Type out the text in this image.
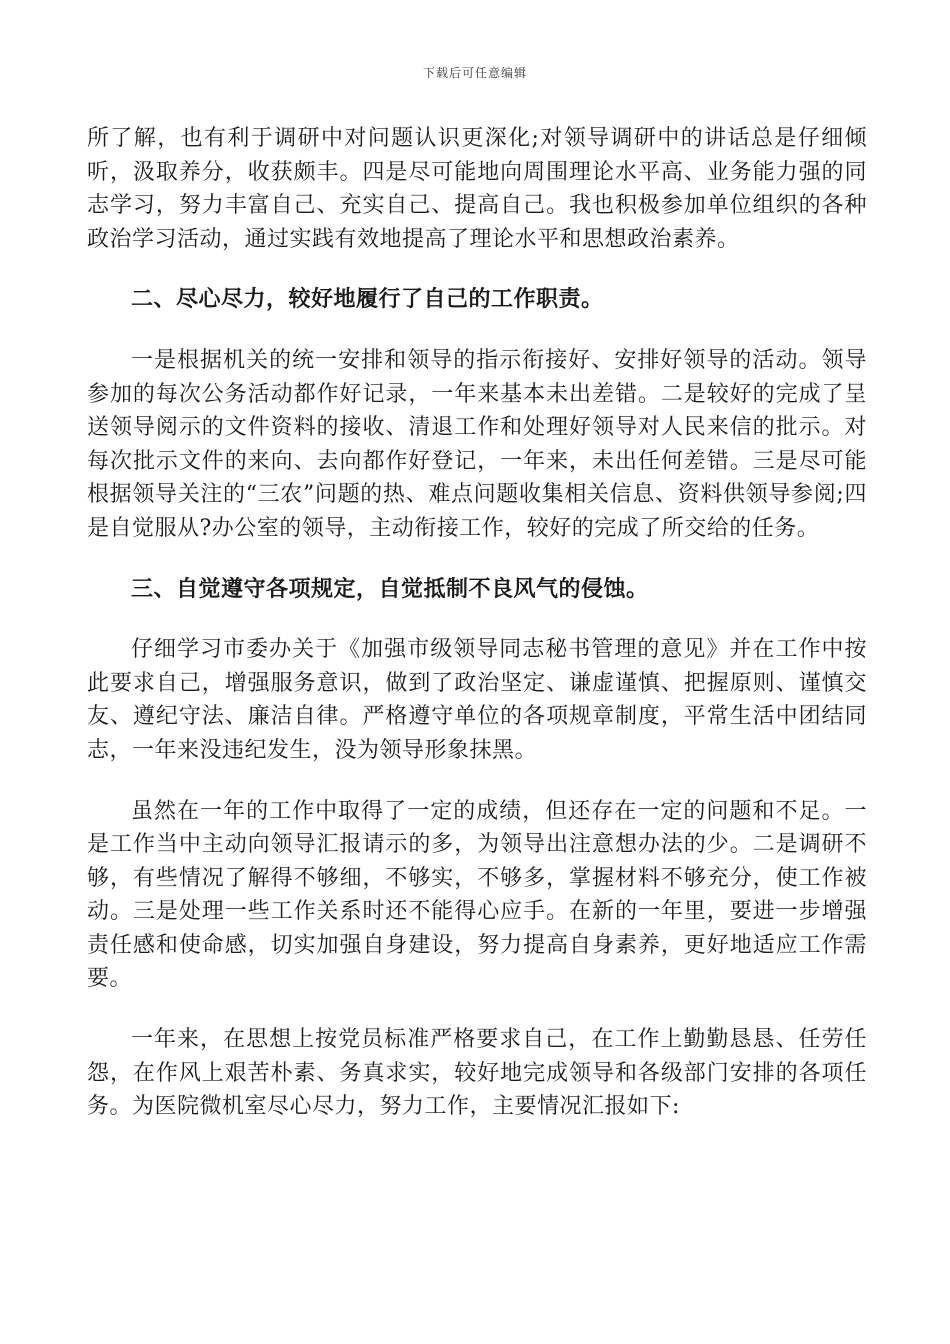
下载后可任意编辑

所了解，也有利于调研中对问题认识更深化;对领导调研中的讲话总是仔细倾听，汲取养分，收获颇丰。四是尽可能地向周围理论水平高、业务能力强的同志学习，努力丰富自己、充实自己、提高自己。我也积极参加单位组织的各种政治学习活动，通过实践有效地提高了理论水平和思想政治素养。

二、尽心尽力，较好地履行了自己的工作职责。

一是根据机关的统一安排和领导的指示衔接好、安排好领导的活动。领导参加的每次公务活动都作好记录，一年来基本未出差错。二是较好的完成了呈送领导阅示的文件资料的接收、清退工作和处理好领导对人民来信的批示。对每次批示文件的来向、去向都作好登记，一年来，未出任何差错。三是尽可能根据领导关注的“三农”问题的热、难点问题收集相关信息、资料供领导参阅;四是自觉服从?办公室的领导，主动衔接工作，较好的完成了所交给的任务。

三、自觉遵守各项规定，自觉抵制不良风气的侵蚀。

仔细学习市委办关于《加强市级领导同志秘书管理的意见》并在工作中按此要求自己，增强服务意识，做到了政治坚定、谦虚谨慎、把握原则、谨慎交友、遵纪守法、廉洁自律。严格遵守单位的各项规章制度，平常生活中团结同志，一年来没违纪发生，没为领导形象抹黑。

虽然在一年的工作中取得了一定的成绩，但还存在一定的问题和不足。一是工作当中主动向领导汇报请示的多，为领导出注意想办法的少。二是调研不够，有些情况了解得不够细，不够实，不够多，掌握材料不够充分，使工作被动。三是处理一些工作关系时还不能得心应手。在新的一年里，要进一步增强责任感和使命感，切实加强自身建设，努力提高自身素养，更好地适应工作需要。

一年来，在思想上按党员标准严格要求自己，在工作上勤勤恳恳、任劳任怨，在作风上艰苦朴素、务真求实，较好地完成领导和各级部门安排的各项任务。为医院微机室尽心尽力，努力工作，主要情况汇报如下:
